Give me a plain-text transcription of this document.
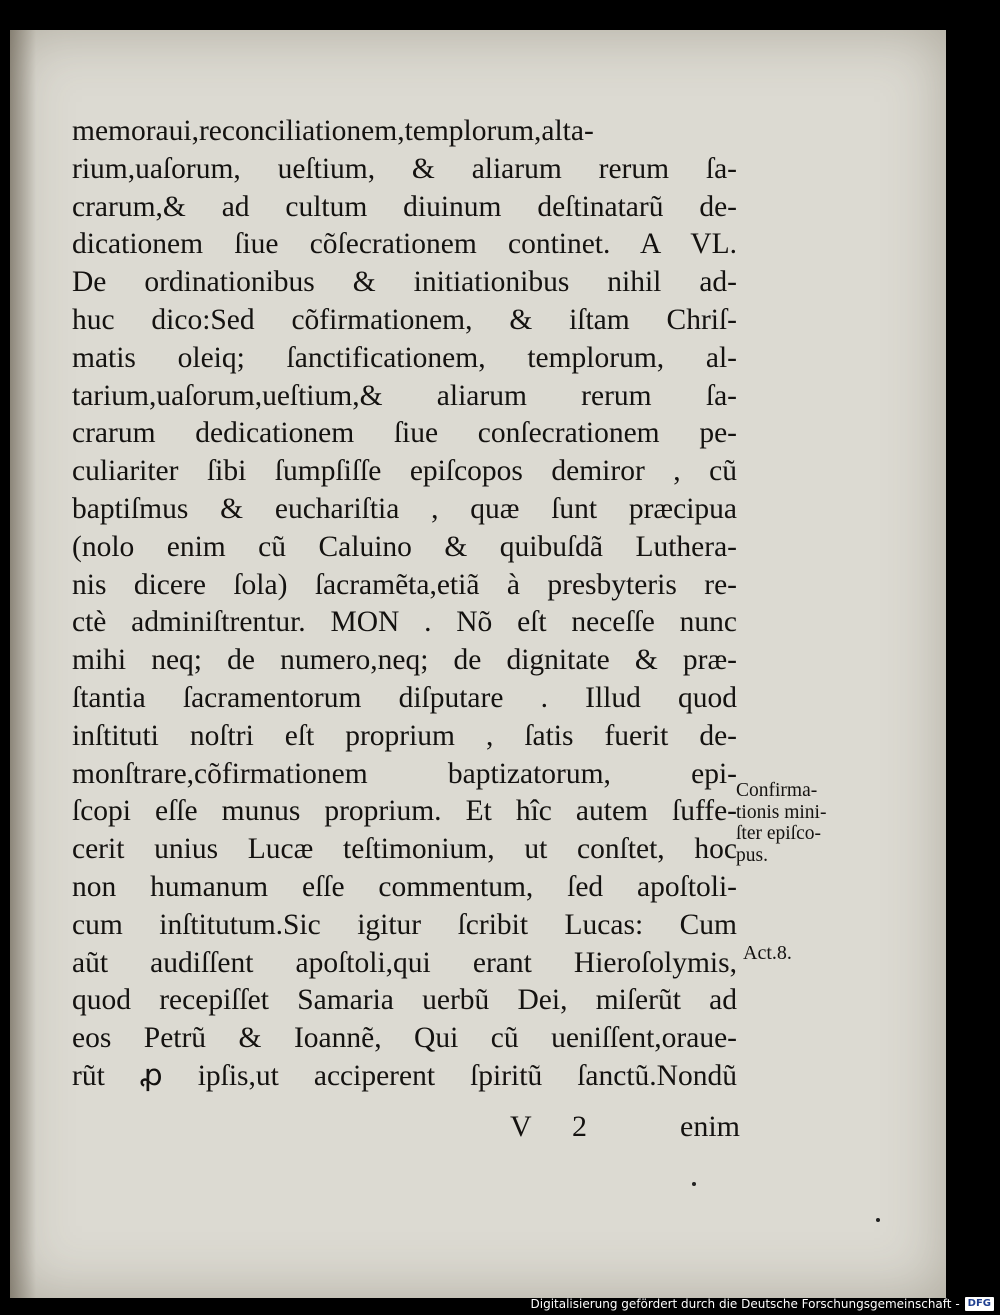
memoraui,reconciliationem,templorum,alta-
rium,uaſorum, ueſtium, & aliarum rerum ſa-
crarum,& ad cultum diuinum deſtinatarũ de-
dicationem ſiue cõſecrationem continet. A VL.
De ordinationibus & initiationibus nihil ad-
huc dico:Sed cõfirmationem, & iſtam Chriſ-
matis oleiq; ſanctificationem, templorum, al-
tarium,uaſorum,ueſtium,& aliarum rerum ſa-
crarum dedicationem ſiue conſecrationem pe-
culiariter ſibi ſumpſiſſe epiſcopos demiror , cũ
baptiſmus & euchariſtia , quæ ſunt præcipua
(nolo enim cũ Caluino & quibuſdã Luthera-
nis dicere ſola) ſacramẽta,etiã à presbyteris re-
ctè adminiſtrentur. MON . Nõ eſt neceſſe nunc
mihi neq; de numero,neq; de dignitate & præ-
ſtantia ſacramentorum diſputare . Illud quod
inſtituti noſtri eſt proprium , ſatis fuerit de-
monſtrare,cõfirmationem baptizatorum, epi-
ſcopi eſſe munus proprium. Et hîc autem ſuffe-
cerit unius Lucæ teſtimonium, ut conſtet, hoc
non humanum eſſe commentum, ſed apoſtoli-
cum inſtitutum.Sic igitur ſcribit Lucas: Cum
aũt audiſſent apoſtoli,qui erant Hieroſolymis,
quod recepiſſet Samaria uerbũ Dei, miſerũt ad
eos Petrũ & Ioannẽ, Qui cũ ueniſſent,oraue-
rũt ꝓ ipſis,ut acciperent ſpiritũ ſanctũ.Nondũ
V 2	enim
Confirma-
tionis mini-
ſter epiſco-
pus.
Act.8.
Digitalisierung gefördert durch die Deutsche Forschungsgemeinschaft - DFG
